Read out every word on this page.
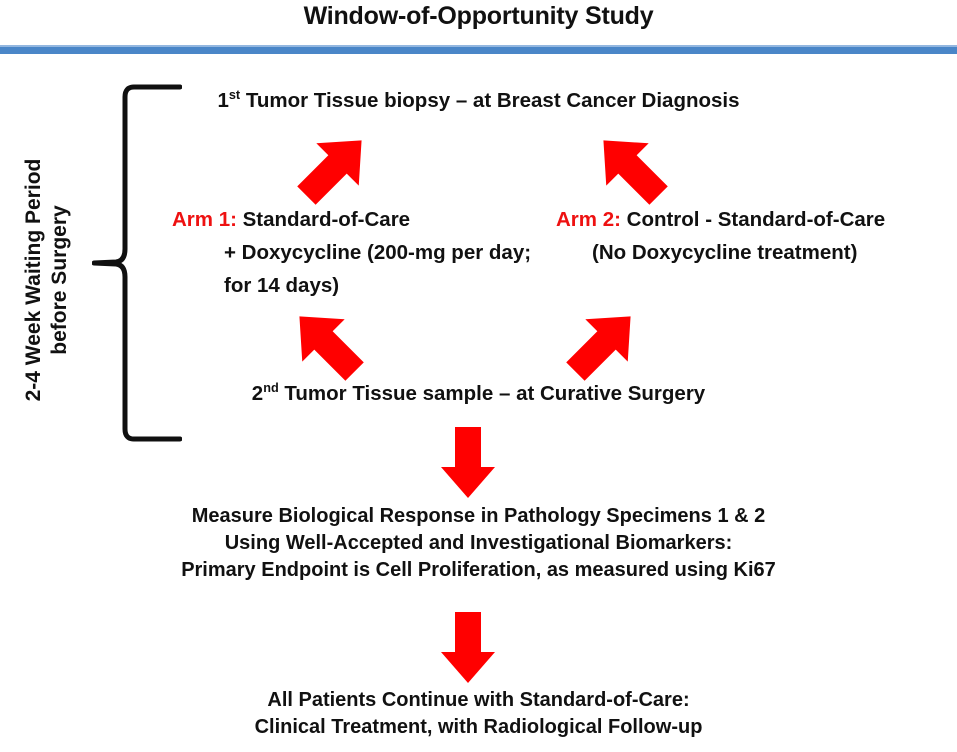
Window-of-Opportunity Study
2-4 Week Waiting Period before Surgery
1st Tumor Tissue biopsy – at Breast Cancer Diagnosis
Arm 1: Standard-of-Care
+ Doxycycline (200-mg per day;
for 14 days)
Arm 2: Control - Standard-of-Care
(No Doxycycline treatment)
2nd Tumor Tissue sample – at Curative Surgery
Measure Biological Response in Pathology Specimens 1 & 2
Using Well-Accepted and Investigational Biomarkers:
Primary Endpoint is Cell Proliferation, as measured using Ki67
All Patients Continue with Standard-of-Care:
Clinical Treatment, with Radiological Follow-up
